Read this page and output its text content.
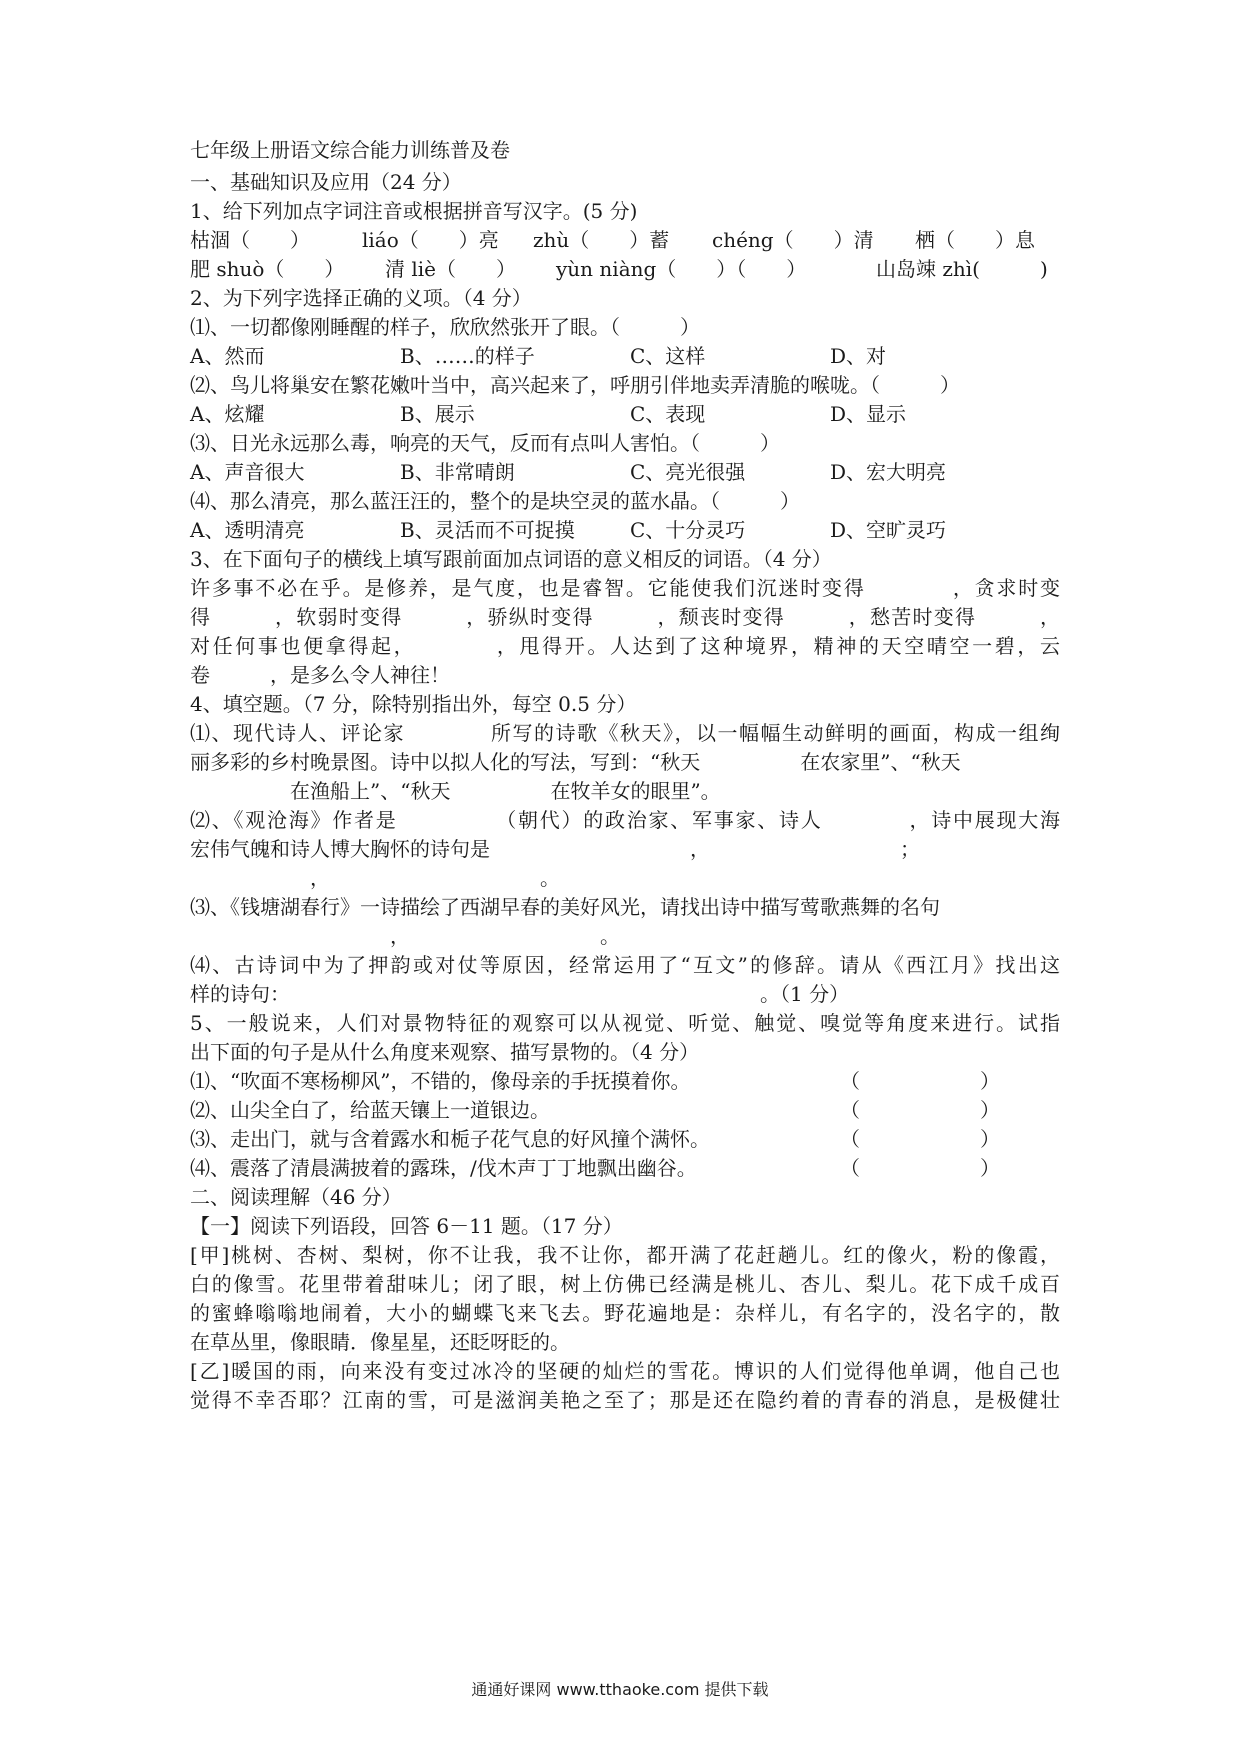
七年级上册语文综合能力训练普及卷
一、基础知识及应用（24 分）
1、给下列加点字词注音或根据拼音写汉字。(5 分)
枯涸（　　）	liáo（　　）亮 zhù（　　）蓄 chéng（　　）清 栖（　　）息
肥 shuò（　　） 清 liè（　　） yùn niàng（　　）（　　）	山岛竦 zhì(　　　)
2、为下列字选择正确的义项。（4 分）
⑴、一切都像刚睡醒的样子，欣欣然张开了眼。（　　　）
A、然而	B、……的样子	C、这样	D、对
⑵、鸟儿将巢安在繁花嫩叶当中，高兴起来了，呼朋引伴地卖弄清脆的喉咙。（　　　）
A、炫耀	B、展示	C、表现	D、显示
⑶、日光永远那么毒，响亮的天气，反而有点叫人害怕。（　　　）
A、声音很大	B、非常晴朗	C、亮光很强	D、宏大明亮
⑷、那么清亮，那么蓝汪汪的，整个的是块空灵的蓝水晶。（　　　）
A、透明清亮	B、灵活而不可捉摸	C、十分灵巧	D、空旷灵巧
3、在下面句子的横线上填写跟前面加点词语的意义相反的词语。（4 分）
许多事不必在乎。是修养，是气度，也是睿智。它能使我们沉迷时变得　　　　，贪求时变
得　　　，软弱时变得　　　，骄纵时变得　　　，颓丧时变得　　　，愁苦时变得　　　，
对任何事也便拿得起，　　　　，甩得开。人达到了这种境界，精神的天空晴空一碧，云
卷　　　，是多么令人神往！
4、填空题。（7 分，除特别指出外，每空 0.5 分）
⑴、现代诗人、评论家　　　　所写的诗歌《秋天》，以一幅幅生动鲜明的画面，构成一组绚
丽多彩的乡村晚景图。诗中以拟人化的写法，写到：“秋天　　　　　在农家里”、“秋天
　　　　　在渔船上”、“秋天　　　　　在牧羊女的眼里”。
⑵、《观沧海》作者是　　　　　（朝代）的政治家、军事家、诗人　　　　，诗中展现大海
宏伟气魄和诗人博大胸怀的诗句是　　　　　　　　　　，　　　　　　　　　　；
　　　　　　，　　　　　　　　　　　。
⑶、《钱塘湖春行》一诗描绘了西湖早春的美好风光，请找出诗中描写莺歌燕舞的名句
　　　　　　　　　　，　　　　　　　　　　。
⑷、古诗词中为了押韵或对仗等原因，经常运用了“互文”的修辞。请从《西江月》找出这
样的诗句：　　　　　　　　　　　　　　　　　　　　　　　　。（1 分）
5、一般说来，人们对景物特征的观察可以从视觉、听觉、触觉、嗅觉等角度来进行。试指
出下面的句子是从什么角度来观察、描写景物的。（4 分）
⑴、“吹面不寒杨柳风”，不错的，像母亲的手抚摸着你。	（　　　　　　）
⑵、山尖全白了，给蓝天镶上一道银边。	（　　　　　　）
⑶、走出门，就与含着露水和栀子花气息的好风撞个满怀。	（　　　　　　）
⑷、震落了清晨满披着的露珠，/伐木声丁丁地飘出幽谷。	（　　　　　　）
二、阅读理解（46 分）
【一】阅读下列语段，回答 6－11 题。（17 分）
[甲]桃树、杏树、梨树，你不让我，我不让你，都开满了花赶趟儿。红的像火，粉的像霞，
白的像雪。花里带着甜味儿；闭了眼，树上仿佛已经满是桃儿、杏儿、梨儿。花下成千成百
的蜜蜂嗡嗡地闹着，大小的蝴蝶飞来飞去。野花遍地是：杂样儿，有名字的，没名字的，散
在草丛里，像眼睛．像星星，还眨呀眨的。
[乙]暖国的雨，向来没有变过冰冷的坚硬的灿烂的雪花。博识的人们觉得他单调，他自己也
觉得不幸否耶？江南的雪，可是滋润美艳之至了；那是还在隐约着的青春的消息，是极健壮
通通好课网 www.tthaoke.com 提供下载
